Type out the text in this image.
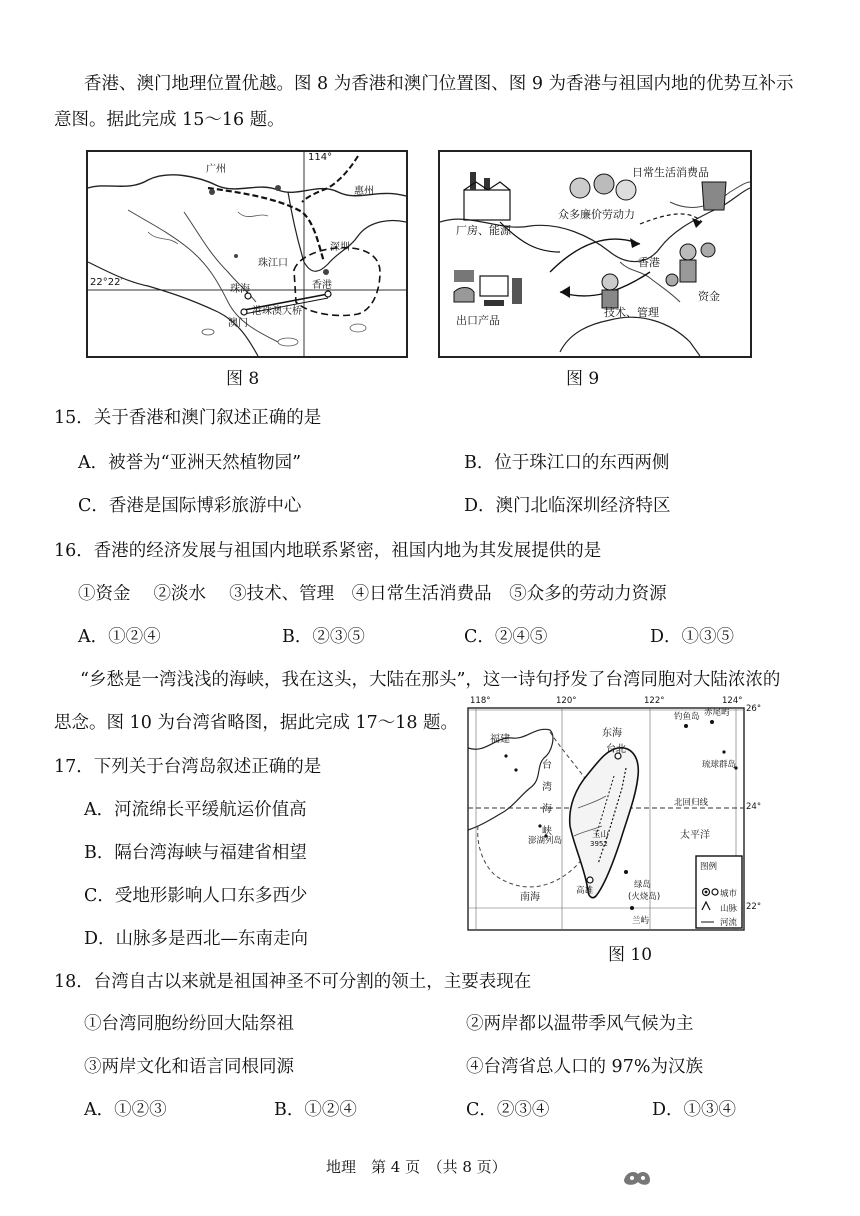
香港、澳门地理位置优越。图 8 为香港和澳门位置图、图 9 为香港与祖国内地的优势互补示
意图。据此完成 15～16 题。
114°
22°22′
广州
惠州
珠江口
深圳
香港
珠海
澳门
港珠澳大桥
图 8
日常生活消费品
众多廉价劳动力
厂房、能源
香港
资金
技术、管理
出口产品
图 9
15．关于香港和澳门叙述正确的是
A．被誉为“亚洲天然植物园”	B．位于珠江口的东西两侧
C．香港是国际博彩旅游中心	D．澳门北临深圳经济特区
16．香港的经济发展与祖国内地联系紧密，祖国内地为其发展提供的是
①资金　 ②淡水　 ③技术、管理　④日常生活消费品　⑤众多的劳动力资源
A．①②④	B．②③⑤	C．②④⑤	D．①③⑤
“乡愁是一湾浅浅的海峡，我在这头，大陆在那头”，这一诗句抒发了台湾同胞对大陆浓浓的
思念。图 10 为台湾省略图，据此完成 17～18 题。
17．下列关于台湾岛叙述正确的是
A．河流绵长平缓航运价值高
B．隔台湾海峡与福建省相望
C．受地形影响人口东多西少
D．山脉多是西北—东南走向
118°	120°	122°	124°
26°
24°
22°
福建
东海
台北
台
湾
海
峡
澎湖列岛
玉山
3952
钓鱼岛 赤尾屿
琉球群岛
北回归线
太平洋
南海
高雄
绿岛
(火烧岛)
兰屿
图例
城市
山脉
河流
图 10
18．台湾自古以来就是祖国神圣不可分割的领土，主要表现在
①台湾同胞纷纷回大陆祭祖	②两岸都以温带季风气候为主
③两岸文化和语言同根同源	④台湾省总人口的 97%为汉族
A．①②③	B．①②④	C．②③④	D．①③④
地理　第 4 页　（共 8 页）
